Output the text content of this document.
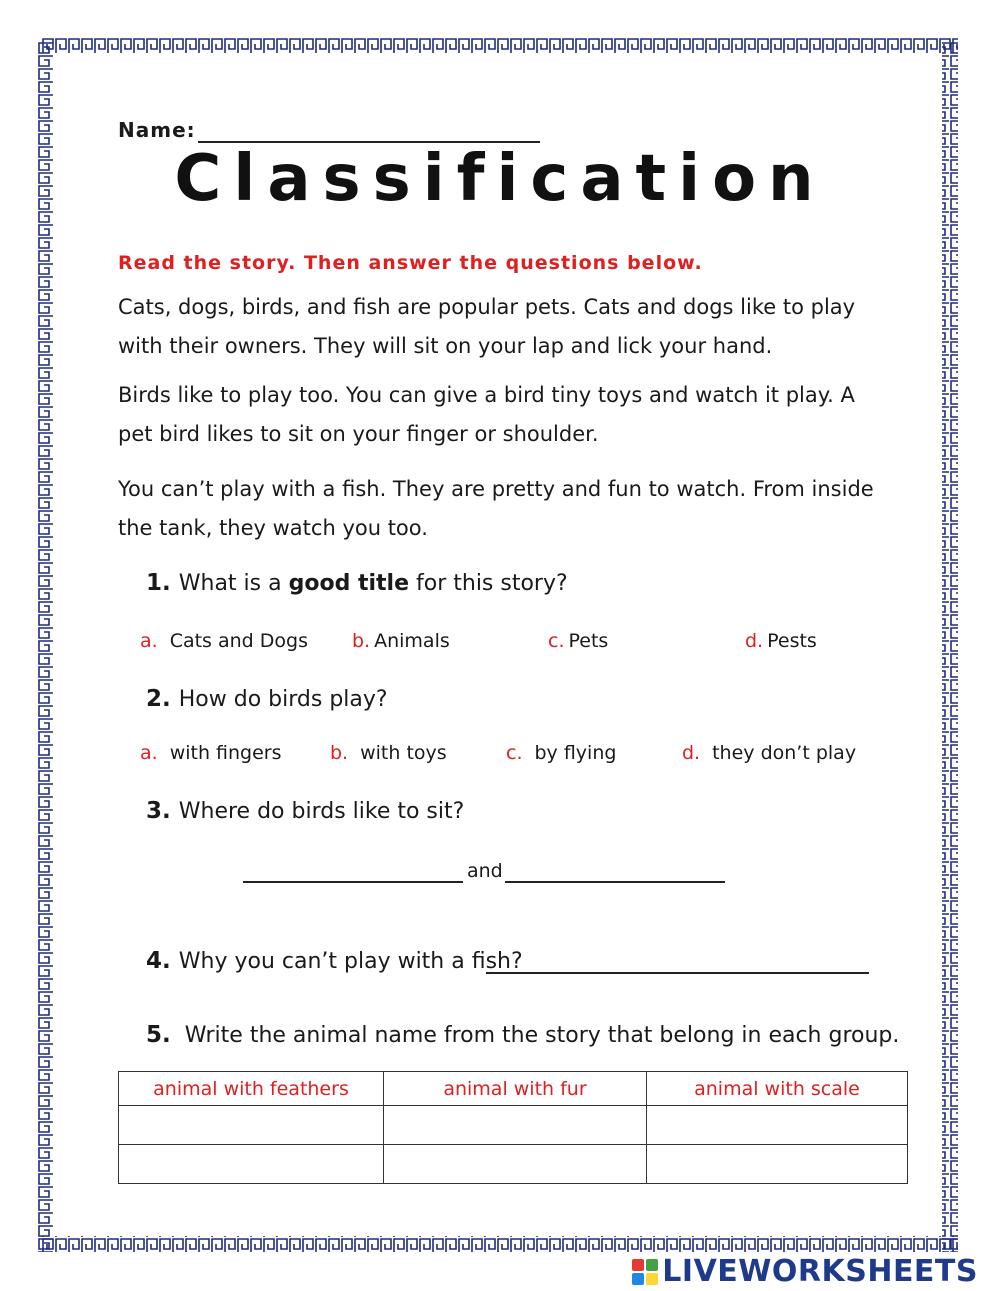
Name:
Classification
Read the story. Then answer the questions below.
Cats, dogs, birds, and fish are popular pets. Cats and dogs like to play with their owners. They will sit on your lap and lick your hand.
Birds like to play too. You can give a bird tiny toys and watch it play. A pet bird likes to sit on your finger or shoulder.
You can’t play with a fish. They are pretty and fun to watch. From inside the tank, they watch you too.
1. What is a good title for this story?
a. Cats and Dogs b. Animals	c. Pets	d. Pests
2. How do birds play?
a. with fingers	b. with toys	c. by flying	d. they don’t play
3. Where do birds like to sit?
and
4. Why you can’t play with a fish?
5. Write the animal name from the story that belong in each group.
animal with feathers	animal with fur	animal with scale

LIVEWORKSHEETS
